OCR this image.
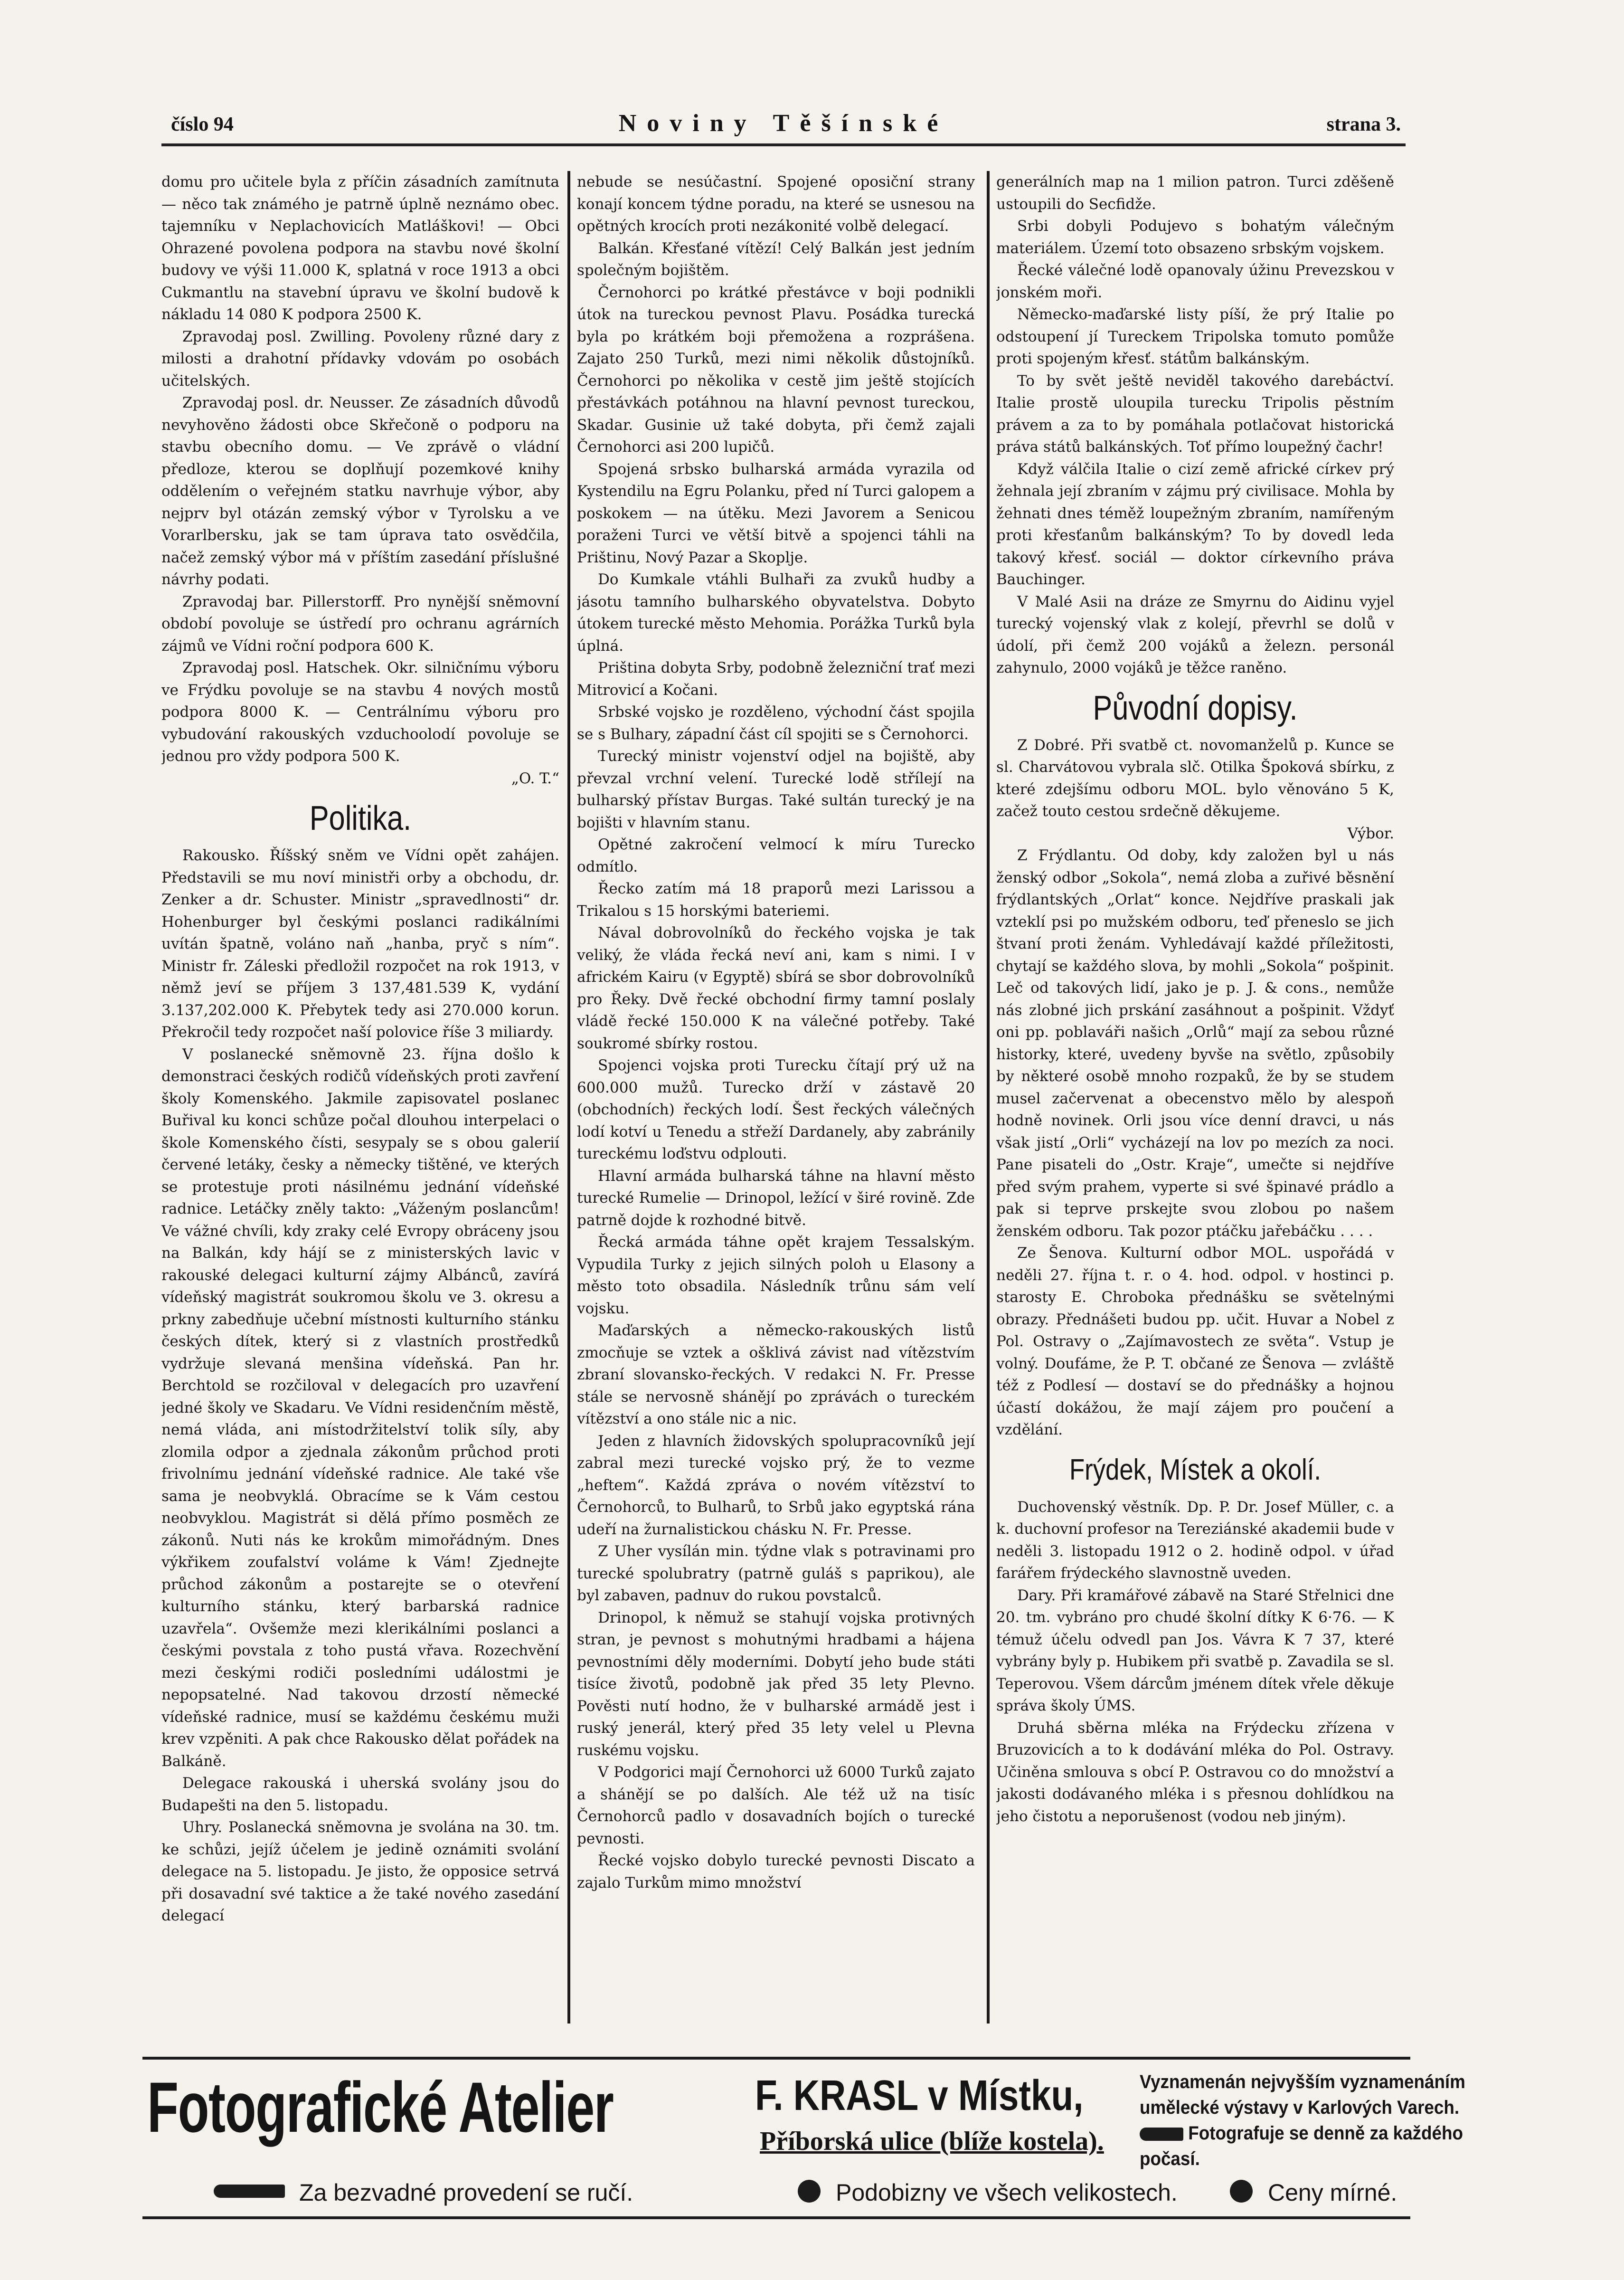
číslo 94	Noviny Těšínské	strana 3.

domu pro učitele byla z příčin zásadních zamítnuta — něco tak známého je patrně úplně neznámo obec. tajemníku v Neplachovicích Matláškovi! — Obci Ohrazené povolena podpora na stavbu nové školní budovy ve výši 11.000 K, splatná v roce 1913 a obci Cukmantlu na stavební úpravu ve školní budově k nákladu 14 080 K podpora 2500 K.

Zpravodaj posl. Zwilling. Povoleny různé dary z milosti a drahotní přídavky vdovám po osobách učitelských.

Zpravodaj posl. dr. Neusser. Ze zásadních důvodů nevyhověno žádosti obce Skřečoně o podporu na stavbu obecního domu. — Ve zprávě o vládní předloze, kterou se doplňují pozemkové knihy oddělením o veřejném statku navrhuje výbor, aby nejprv byl otázán zemský výbor v Tyrolsku a ve Vorarlbersku, jak se tam úprava tato osvědčila, načež zemský výbor má v příštím zasedání příslušné návrhy podati.

Zpravodaj bar. Pillerstorff. Pro nynější sněmovní období povoluje se ústředí pro ochranu agrárních zájmů ve Vídni roční podpora 600 K.

Zpravodaj posl. Hatschek. Okr. silničnímu výboru ve Frýdku povoluje se na stavbu 4 nových mostů podpora 8000 K. — Centrálnímu výboru pro vybudování rakouských vzduchoolodí povoluje se jednou pro vždy podpora 500 K.

„O. T.“
Politika.

Rakousko. Říšský sněm ve Vídni opět zahájen. Představili se mu noví ministři orby a obchodu, dr. Zenker a dr. Schuster. Ministr „spravedlnosti“ dr. Hohenburger byl českými poslanci radikálními uvítán špatně, voláno naň „hanba, pryč s ním“. Ministr fr. Záleski předložil rozpočet na rok 1913, v němž jeví se příjem 3 137,481.539 K, vydání 3.137,202.000 K. Přebytek tedy asi 270.000 korun. Překročil tedy rozpočet naší polovice říše 3 miliardy.

V poslanecké sněmovně 23. října došlo k demonstraci českých rodičů vídeňských proti zavření školy Komenského. Jakmile zapisovatel poslanec Buřival ku konci schůze počal dlouhou interpelaci o škole Komenského čísti, sesypaly se s obou galerií červené letáky, česky a německy tištěné, ve kterých se protestuje proti násilnému jednání vídeňské radnice. Letáčky zněly takto: „Váženým poslancům! Ve vážné chvíli, kdy zraky celé Evropy obráceny jsou na Balkán, kdy hájí se z ministerských lavic v rakouské delegaci kulturní zájmy Albánců, zavírá vídeňský magistrát soukromou školu ve 3. okresu a prkny zabedňuje učební místnosti kulturního stánku českých dítek, který si z vlastních prostředků vydržuje slevaná menšina vídeňská. Pan hr. Berchtold se rozčiloval v delegacích pro uzavření jedné školy ve Skadaru. Ve Vídni residenčním městě, nemá vláda, ani místodržitelství tolik síly, aby zlomila odpor a zjednala zákonům průchod proti frivolnímu jednání vídeňské radnice. Ale také vše sama je neobvyklá. Obracíme se k Vám cestou neobvyklou. Magistrát si dělá přímo posměch ze zákonů. Nuti nás ke krokům mimořádným. Dnes výkřikem zoufalství voláme k Vám! Zjednejte průchod zákonům a postarejte se o otevření kulturního stánku, který barbarská radnice uzavřela“. Ovšemže mezi klerikálními poslanci a českými povstala z toho pustá vřava. Rozechvění mezi českými rodiči posledními událostmi je nepopsatelné. Nad takovou drzostí německé vídeňské radnice, musí se každému českému muži krev vzpěniti. A pak chce Rakousko dělat pořádek na Balkáně.

Delegace rakouská i uherská svolány jsou do Budapešti na den 5. listopadu.

Uhry. Poslanecká sněmovna je svolána na 30. tm. ke schůzi, jejíž účelem je jedině oznámiti svolání delegace na 5. listopadu. Je jisto, že opposice setrvá při dosavadní své taktice a že také nového zasedání delegací

nebude se nesúčastní. Spojené oposiční strany konají koncem týdne poradu, na které se usnesou na opětných krocích proti nezákonité volbě delegací.

Balkán. Křesťané vítězí! Celý Balkán jest jedním společným bojištěm.

Černohorci po krátké přestávce v boji podnikli útok na tureckou pevnost Plavu. Posádka turecká byla po krátkém boji přemožena a rozprášena. Zajato 250 Turků, mezi nimi několik důstojníků. Černohorci po několika v cestě jim ještě stojících přestávkách potáhnou na hlavní pevnost tureckou, Skadar. Gusinie už také dobyta, při čemž zajali Černohorci asi 200 lupičů.

Spojená srbsko bulharská armáda vyrazila od Kystendilu na Egru Polanku, před ní Turci galopem a poskokem — na útěku. Mezi Javorem a Senicou poraženi Turci ve větší bitvě a spojenci táhli na Prištinu, Nový Pazar a Skoplje.

Do Kumkale vtáhli Bulhaři za zvuků hudby a jásotu tamního bulharského obyvatelstva. Dobyto útokem turecké město Mehomia. Porážka Turků byla úplná.

Priština dobyta Srby, podobně železniční trať mezi Mitrovicí a Kočani.

Srbské vojsko je rozděleno, východní část spojila se s Bulhary, západní část cíl spojiti se s Černohorci.

Turecký ministr vojenství odjel na bojiště, aby převzal vrchní velení. Turecké lodě střílejí na bulharský přístav Burgas. Také sultán turecký je na bojišti v hlavním stanu.

Opětné zakročení velmocí k míru Turecko odmítlo.

Řecko zatím má 18 praporů mezi Larissou a Trikalou s 15 horskými bateriemi.

Nával dobrovolníků do řeckého vojska je tak veliký, že vláda řecká neví ani, kam s nimi. I v africkém Kairu (v Egyptě) sbírá se sbor dobrovolníků pro Řeky. Dvě řecké obchodní firmy tamní poslaly vládě řecké 150.000 K na válečné potřeby. Také soukromé sbírky rostou.

Spojenci vojska proti Turecku čítají prý už na 600.000 mužů. Turecko drží v zástavě 20 (obchodních) řeckých lodí. Šest řeckých válečných lodí kotví u Tenedu a střeží Dardanely, aby zabránily tureckému loďstvu odplouti.

Hlavní armáda bulharská táhne na hlavní město turecké Rumelie — Drinopol, ležící v širé rovině. Zde patrně dojde k rozhodné bitvě.

Řecká armáda táhne opět krajem Tessalským. Vypudila Turky z jejich silných poloh u Elasony a město toto obsadila. Následník trůnu sám velí vojsku.

Maďarských a německo-rakouských listů zmocňuje se vztek a ošklivá závist nad vítězstvím zbraní slovansko-řeckých. V redakci N. Fr. Presse stále se nervosně shánějí po zprávách o tureckém vítězství a ono stále nic a nic.

Jeden z hlavních židovských spolupracovníků její zabral mezi turecké vojsko prý, že to vezme „heftem“. Každá zpráva o novém vítězství to Černohorců, to Bulharů, to Srbů jako egyptská rána udeří na žurnalistickou chásku N. Fr. Presse.

Z Uher vysílán min. týdne vlak s potravinami pro turecké spolubratry (patrně guláš s paprikou), ale byl zabaven, padnuv do rukou povstalců.

Drinopol, k němuž se stahují vojska protivných stran, je pevnost s mohutnými hradbami a hájena pevnostními děly moderními. Dobytí jeho bude státi tisíce životů, podobně jak před 35 lety Plevno. Pověsti nutí hodno, že v bulharské armádě jest i ruský jenerál, který před 35 lety velel u Plevna ruskému vojsku.

V Podgorici mají Černohorci už 6000 Turků zajato a shánějí se po dalších. Ale též už na tisíc Černohorců padlo v dosavadních bojích o turecké pevnosti.

Řecké vojsko dobylo turecké pevnosti Discato a zajalo Turkům mimo množství

generálních map na 1 milion patron. Turci zděšeně ustoupili do Secfidže.

Srbi dobyli Podujevo s bohatým válečným materiálem. Území toto obsazeno srbským vojskem.

Řecké válečné lodě opanovaly úžinu Prevezskou v jonském moři.

Německo-maďarské listy píší, že prý Italie po odstoupení jí Tureckem Tripolska tomuto pomůže proti spojeným křesť. státům balkánským.

To by svět ještě neviděl takového darebáctví. Italie prostě uloupila turecku Tripolis pěstním právem a za to by pomáhala potlačovat historická práva států balkánských. Toť přímo loupežný čachr!

Když válčila Italie o cizí země africké církev prý žehnala její zbraním v zájmu prý civilisace. Mohla by žehnati dnes téměž loupežným zbraním, namířeným proti křesťanům balkánským? To by dovedl leda takový křesť. sociál — doktor církevního práva Bauchinger.

V Malé Asii na dráze ze Smyrnu do Aidinu vyjel turecký vojenský vlak z kolejí, převrhl se dolů v údolí, při čemž 200 vojáků a železn. personál zahynulo, 2000 vojáků je těžce raněno.

Původní dopisy.

Z Dobré. Při svatbě ct. novomanželů p. Kunce se sl. Charvátovou vybrala slč. Otilka Špoková sbírku, z které zdejšímu odboru MOL. bylo věnováno 5 K, začež touto cestou srdečně děkujeme.

Výbor.

Z Frýdlantu. Od doby, kdy založen byl u nás ženský odbor „Sokola“, nemá zloba a zuřivé běsnění frýdlantských „Orlat“ konce. Nejdříve praskali jak vzteklí psi po mužském odboru, teď přeneslo se jich štvaní proti ženám. Vyhledávají každé příležitosti, chytají se každého slova, by mohli „Sokola“ pošpinit. Leč od takových lidí, jako je p. J. & cons., nemůže nás zlobné jich prskání zasáhnout a pošpinit. Vždyť oni pp. poblaváři našich „Orlů“ mají za sebou různé historky, které, uvedeny byvše na světlo, způsobily by některé osobě mnoho rozpaků, že by se studem musel začervenat a obecenstvo mělo by alespoň hodně novinek. Orli jsou více denní dravci, u nás však jistí „Orli“ vycházejí na lov po mezích za noci. Pane pisateli do „Ostr. Kraje“, umečte si nejdříve před svým prahem, vyperte si své špinavé prádlo a pak si teprve prskejte svou zlobou po našem ženském odboru. Tak pozor ptáčku jařebáčku . . . .

Ze Šenova. Kulturní odbor MOL. uspořádá v neděli 27. října t. r. o 4. hod. odpol. v hostinci p. starosty E. Chroboka přednášku se světelnými obrazy. Přednášeti budou pp. učit. Huvar a Nobel z Pol. Ostravy o „Zajímavostech ze světa“. Vstup je volný. Doufáme, že P. T. občané ze Šenova — zvláště též z Podlesí — dostaví se do přednášky a hojnou účastí dokážou, že mají zájem pro poučení a vzdělání.

Frýdek, Místek a okolí.

Duchovenský věstník. Dp. P. Dr. Josef Müller, c. a k. duchovní profesor na Tereziánské akademii bude v neděli 3. listopadu 1912 o 2. hodině odpol. v úřad farářem frýdeckého slavnostně uveden.

Dary. Při kramářové zábavě na Staré Střelnici dne 20. tm. vybráno pro chudé školní dítky K 6·76. — K témuž účelu odvedl pan Jos. Vávra K 7 37, které vybrány byly p. Hubikem při svatbě p. Zavadila se sl. Teperovou. Všem dárcům jménem dítek vřele děkuje správa školy ÚMS.

Druhá sběrna mléka na Frýdecku zřízena v Bruzovicích a to k dodávání mléka do Pol. Ostravy. Učiněna smlouva s obcí P. Ostravou co do množství a jakosti dodávaného mléka i s přesnou dohlídkou na jeho čistotu a neporušenost (vodou neb jiným).

Fotografické Atelier	F. KRASL v Místku,
Příborská ulice (blíže kostela).
Vyznamenán nejvyšším vyznamenáním
umělecké výstavy v Karlových Varech.
Fotografuje se denně za každého počasí.
Za bezvadné provedení se ručí.	Podobizny ve všech velikostech.	Ceny mírné.
